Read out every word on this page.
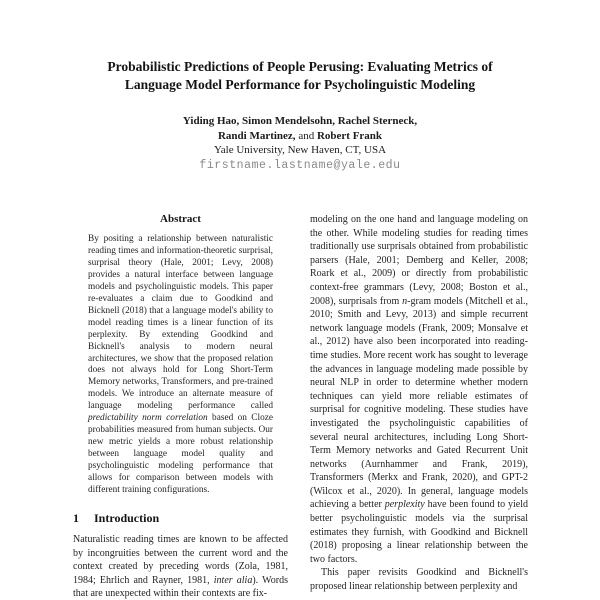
Probabilistic Predictions of People Perusing: Evaluating Metrics of
Language Model Performance for Psycholinguistic Modeling
Yiding Hao, Simon Mendelsohn, Rachel Sterneck,
Randi Martinez, and Robert Frank
Yale University, New Haven, CT, USA
firstname.lastname@yale.edu
Abstract
By positing a relationship between naturalistic reading times and information-theoretic surprisal, surprisal theory (Hale, 2001; Levy, 2008) provides a natural interface between language models and psycholinguistic models. This paper re-evaluates a claim due to Goodkind and Bicknell (2018) that a language model's ability to model reading times is a linear function of its perplexity. By extending Goodkind and Bicknell's analysis to modern neural architectures, we show that the proposed relation does not always hold for Long Short-Term Memory networks, Transformers, and pre-trained models. We introduce an alternate measure of language modeling performance called predictability norm correlation based on Cloze probabilities measured from human subjects. Our new metric yields a more robust relationship between language model quality and psycholinguistic modeling performance that allows for comparison between models with different training configurations.
1 Introduction
Naturalistic reading times are known to be affected by incongruities between the current word and the context created by preceding words (Zola, 1981, 1984; Ehrlich and Rayner, 1981, inter alia). Words that are unexpected within their contexts are fix-
modeling on the one hand and language modeling on the other. While modeling studies for reading times traditionally use surprisals obtained from probabilistic parsers (Hale, 2001; Demberg and Keller, 2008; Roark et al., 2009) or directly from probabilistic context-free grammars (Levy, 2008; Boston et al., 2008), surprisals from n-gram models (Mitchell et al., 2010; Smith and Levy, 2013) and simple recurrent network language models (Frank, 2009; Monsalve et al., 2012) have also been incorporated into reading-time studies. More recent work has sought to leverage the advances in language modeling made possible by neural NLP in order to determine whether modern techniques can yield more reliable estimates of surprisal for cognitive modeling. These studies have investigated the psycholinguistic capabilities of several neural architectures, including Long Short-Term Memory networks and Gated Recurrent Unit networks (Aurnhammer and Frank, 2019), Transformers (Merkx and Frank, 2020), and GPT-2 (Wilcox et al., 2020). In general, language models achieving a better perplexity have been found to yield better psycholinguistic models via the surprisal estimates they furnish, with Goodkind and Bicknell (2018) proposing a linear relationship between the two factors.
This paper revisits Goodkind and Bicknell's proposed linear relationship between perplexity and
